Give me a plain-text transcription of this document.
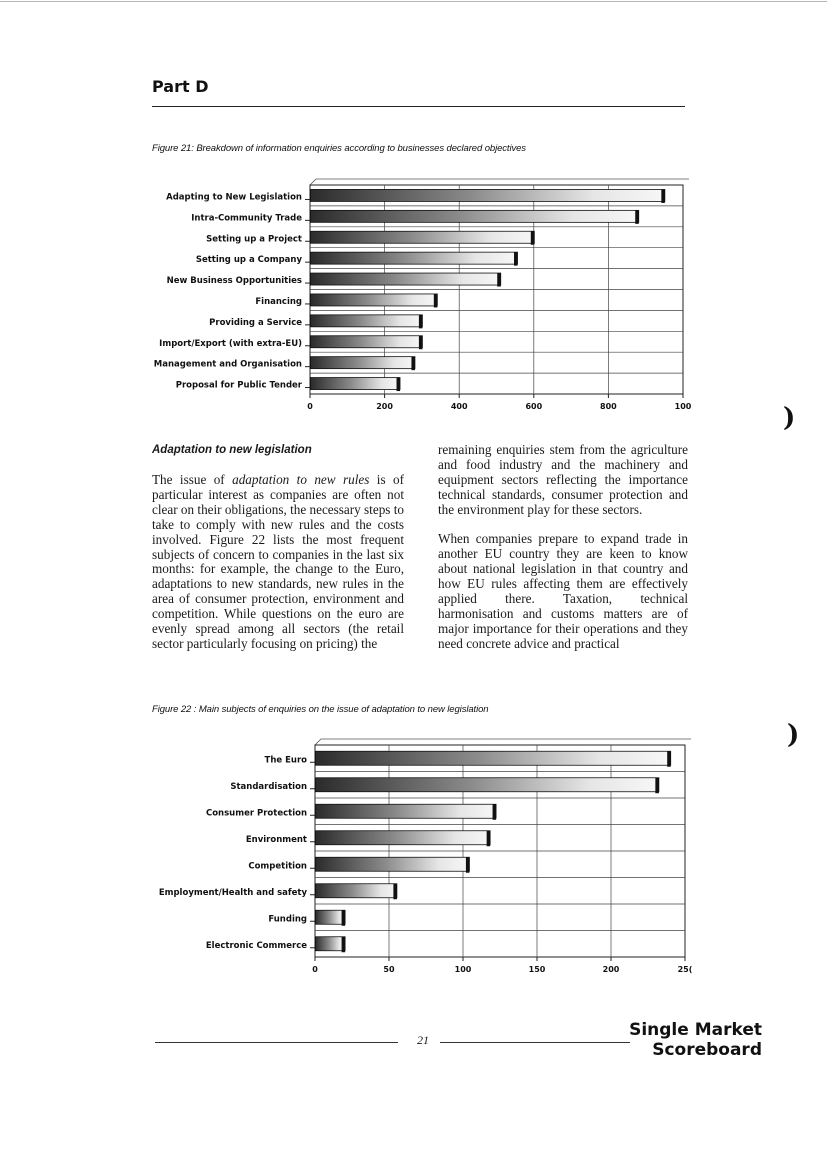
Part D
Figure 21: Breakdown of information enquiries according to businesses declared objectives
0	200	400	600	800	100
Adapting to New Legislation
Intra-Community Trade
Setting up a Project
Setting up a Company
New Business Opportunities
Financing
Providing a Service
Import/Export (with extra-EU)
Management and Organisation
Proposal for Public Tender
Adaptation to new legislation

The issue of adaptation to new rules is of particular interest as companies are often not clear on their obligations, the necessary steps to take to comply with new rules and the costs involved. Figure 22 lists the most frequent subjects of concern to companies in the last six months: for example, the change to the Euro, adaptations to new standards, new rules in the area of consumer protection, environment and competition. While questions on the euro are evenly spread among all sectors (the retail sector particularly focusing on pricing) the

remaining enquiries stem from the agriculture and food industry and the machinery and equipment sectors reflecting the importance technical standards, consumer protection and the environment play for these sectors.

When companies prepare to expand trade in another EU country they are keen to know about national legislation in that country and how EU rules affecting them are effectively applied there. Taxation, technical harmonisation and customs matters are of major importance for their operations and they need concrete advice and practical

Figure 22 : Main subjects of enquiries on the issue of adaptation to new legislation
0	50	100	150	200	25(
The Euro
Standardisation
Consumer Protection
Environment
Competition
Employment/Health and safety
Funding
Electronic Commerce
)
)
21	Single Market
Scoreboard
